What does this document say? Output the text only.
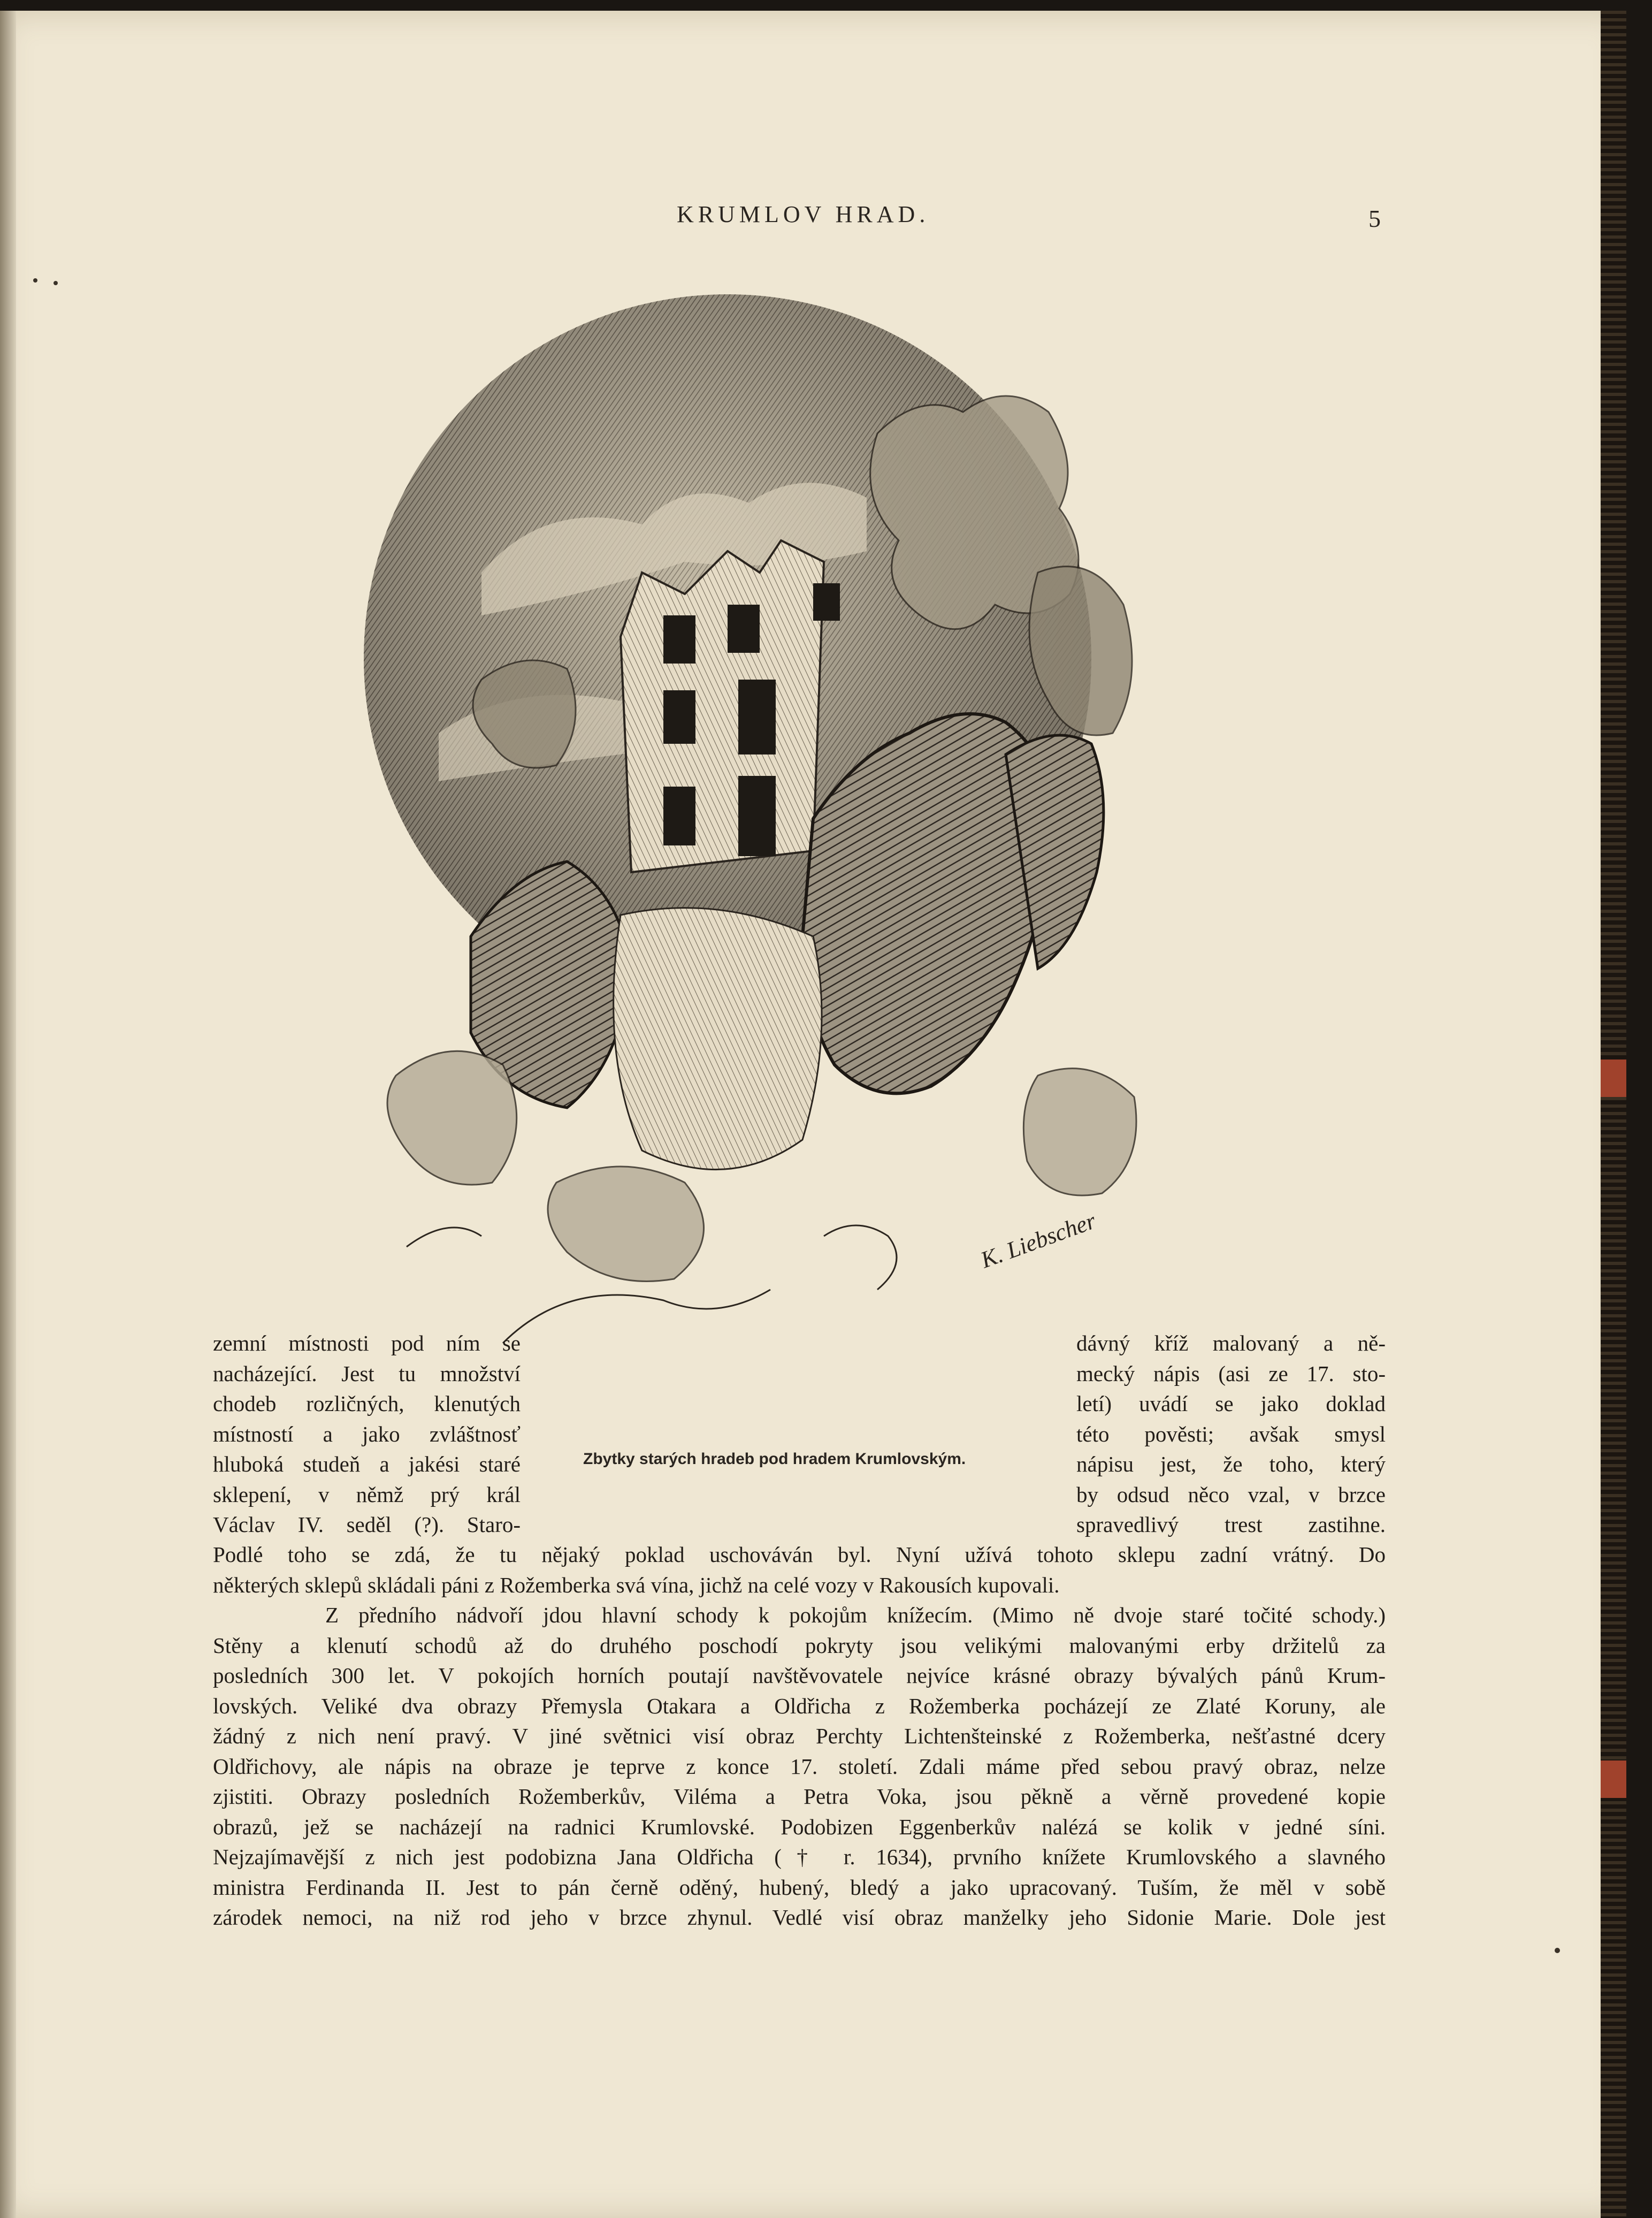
KRUMLOV HRAD.	5
K. Liebscher
Zbytky starých hradeb pod hradem Krumlovským.
zemní místnosti pod ním se
nacházející. Jest tu množství
chodeb rozličných, klenutých
místností a jako zvláštnosť
hluboká studeň a jakési staré
sklepení, v němž prý král
Václav IV. seděl (?). Staro-
dávný kříž malovaný a ně-
mecký nápis (asi ze 17. sto-
letí) uvádí se jako doklad
této pověsti; avšak smysl
nápisu jest, že toho, který
by odsud něco vzal, v brzce
spravedlivý trest zastihne.
Podlé toho se zdá, že tu nějaký poklad uschováván byl. Nyní užívá tohoto sklepu zadní vrátný. Do
některých sklepů skládali páni z Rožemberka svá vína, jichž na celé vozy v Rakousích kupovali.
Z předního nádvoří jdou hlavní schody k pokojům knížecím. (Mimo ně dvoje staré točité schody.)
Stěny a klenutí schodů až do druhého poschodí pokryty jsou velikými malovanými erby držitelů za
posledních 300 let. V pokojích horních poutají navštěvovatele nejvíce krásné obrazy bývalých pánů Krum-
lovských. Veliké dva obrazy Přemysla Otakara a Oldřicha z Rožemberka pocházejí ze Zlaté Koruny, ale
žádný z nich není pravý. V jiné světnici visí obraz Perchty Lichtenšteinské z Rožemberka, nešťastné dcery
Oldřichovy, ale nápis na obraze je teprve z konce 17. století. Zdali máme před sebou pravý obraz, nelze
zjistiti. Obrazy posledních Rožemberkův, Viléma a Petra Voka, jsou pěkně a věrně provedené kopie
obrazů, jež se nacházejí na radnici Krumlovské. Podobizen Eggenberkův nalézá se kolik v jedné síni.
Nejzajímavější z nich jest podobizna Jana Oldřicha († r. 1634), prvního knížete Krumlovského a slavného
ministra Ferdinanda II. Jest to pán černě oděný, hubený, bledý a jako upracovaný. Tuším, že měl v sobě
zárodek nemoci, na niž rod jeho v brzce zhynul. Vedlé visí obraz manželky jeho Sidonie Marie. Dole jest
